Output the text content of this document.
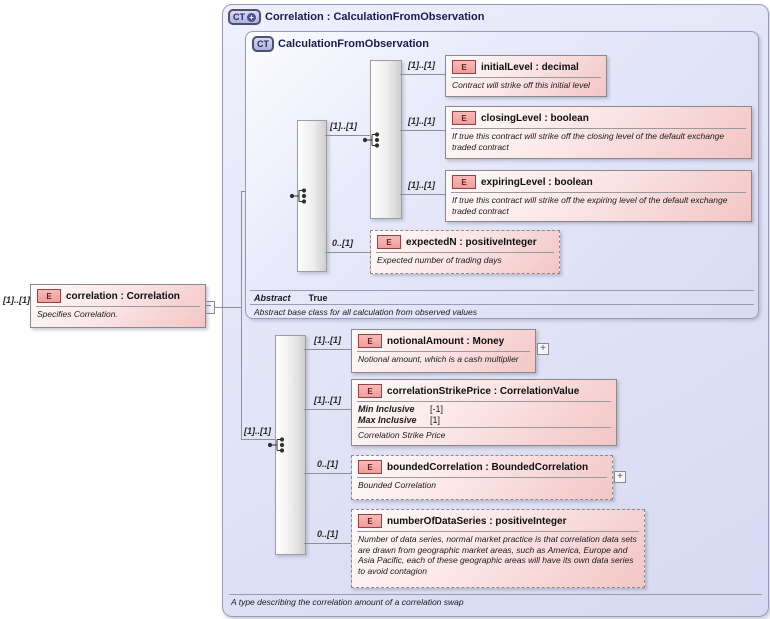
CT + Correlation : CalculationFromObservation
[1]..[1]
CT CalculationFromObservation
[1]..[1]
0..[1]
[1]..[1]
[1]..[1]
[1]..[1]
E	initialLevel : decimal
Contract will strike off this initial level
E	closingLevel : boolean
If true this contract will strike off the closing level of the default exchange traded contract
E	expiringLevel : boolean
If true this contract will strike off the expiring level of the default exchange traded contract
E	expectedN : positiveInteger
Expected number of trading days
Abstract True
Abstract base class for all calculation from observed values
[1]..[1]
[1]..[1]
0..[1]
0..[1]
E	notionalAmount : Money
Notional amount, which is a cash multiplier
+
E	correlationStrikePrice : CorrelationValue
Min Inclusive	[-1]
Max Inclusive	[1]
Correlation Strike Price
E	boundedCorrelation : BoundedCorrelation
Bounded Correlation
+
E	numberOfDataSeries : positiveInteger
Number of data series, normal market practice is that correlation data sets are drawn from geographic market areas, such as America, Europe and Asia Pacific, each of these geographic areas will have its own data series to avoid contagion
A type describing the correlation amount of a correlation swap
[1]..[1]
−
E	correlation : Correlation
Specifies Correlation.
